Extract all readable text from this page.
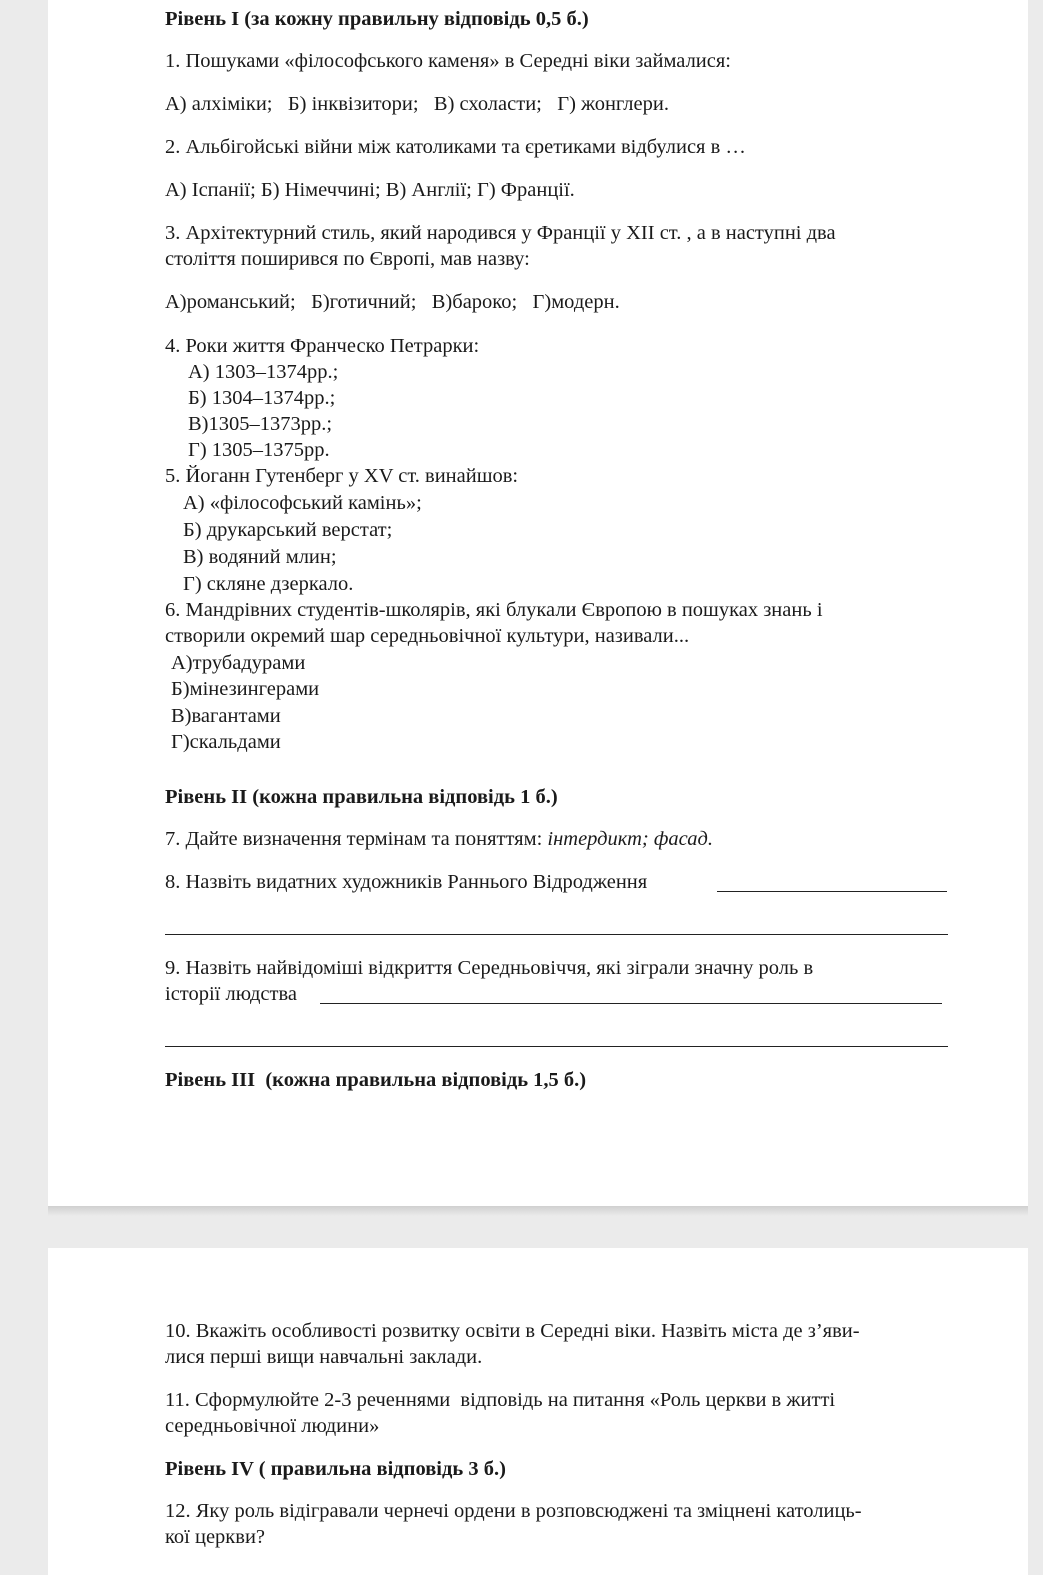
Рівень І (за кожну правильну відповідь 0,5 б.)
1. Пошуками «філософського каменя» в Середні віки займалися:
А) алхіміки;   Б) інквізитори;   В) схоласти;   Г) жонглери.
2. Альбігойські війни між католиками та єретиками відбулися в …
А) Іспанії; Б) Німеччині; В) Англії; Г) Франції.
3. Архітектурний стиль, який народився у Франції у XII ст. , а в наступні два
століття поширився по Європі, мав назву:
А)романський;   Б)готичний;   В)бароко;   Г)модерн.
4. Роки життя Франческо Петрарки:
А) 1303–1374рр.;
Б) 1304–1374рр.;
В)1305–1373рр.;
Г) 1305–1375рр.
5. Йоганн Гутенберг у XV ст. винайшов:
А) «філософський камінь»;
Б) друкарський верстат;
В) водяний млин;
Г) скляне дзеркало.
6. Мандрівних студентів-школярів, які блукали Європою в пошуках знань і
створили окремий шар середньовічної культури, називали...
А)трубадурами
Б)мінезингерами
В)вагантами
Г)скальдами
Рівень ІІ (кожна правильна відповідь 1 б.)
7. Дайте визначення термінам та поняттям: інтердикт; фасад.
8. Назвіть видатних художників Раннього Відродження
9. Назвіть найвідоміші відкриття Середньовіччя, які зіграли значну роль в
історії людства
Рівень ІІІ  (кожна правильна відповідь 1,5 б.)
10. Вкажіть особливості розвитку освіти в Середні віки. Назвіть міста де з’яви-
лися перші вищи навчальні заклади.
11. Сформулюйте 2-3 реченнями  відповідь на питання «Роль церкви в житті
середньовічної людини»
Рівень IV ( правильна відповідь 3 б.)
12. Яку роль відігравали чернечі ордени в розповсюджені та зміцнені католиць-
кої церкви?
